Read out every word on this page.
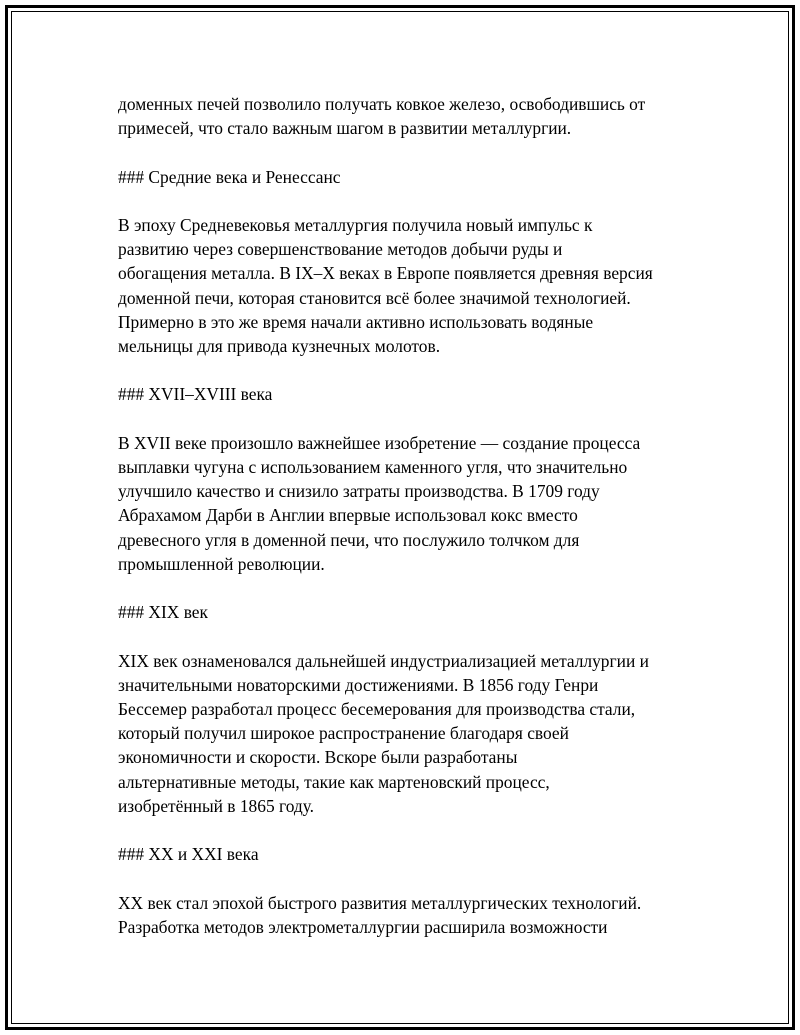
доменных печей позволило получать ковкое железо, освободившись от
примесей, что стало важным шагом в развитии металлургии.

### Средние века и Ренессанс

В эпоху Средневековья металлургия получила новый импульс к
развитию через совершенствование методов добычи руды и
обогащения металла. В IX–X веках в Европе появляется древняя версия
доменной печи, которая становится всё более значимой технологией.
Примерно в это же время начали активно использовать водяные
мельницы для привода кузнечных молотов.

### XVII–XVIII века

В XVII веке произошло важнейшее изобретение — создание процесса
выплавки чугуна с использованием каменного угля, что значительно
улучшило качество и снизило затраты производства. В 1709 году
Абрахамом Дарби в Англии впервые использовал кокс вместо
древесного угля в доменной печи, что послужило толчком для
промышленной революции.

### XIX век

XIX век ознаменовался дальнейшей индустриализацией металлургии и
значительными новаторскими достижениями. В 1856 году Генри
Бессемер разработал процесс бесемерования для производства стали,
который получил широкое распространение благодаря своей
экономичности и скорости. Вскоре были разработаны
альтернативные методы, такие как мартеновский процесс,
изобретённый в 1865 году.

### XX и XXI века

XX век стал эпохой быстрого развития металлургических технологий.
Разработка методов электрометаллургии расширила возможности
